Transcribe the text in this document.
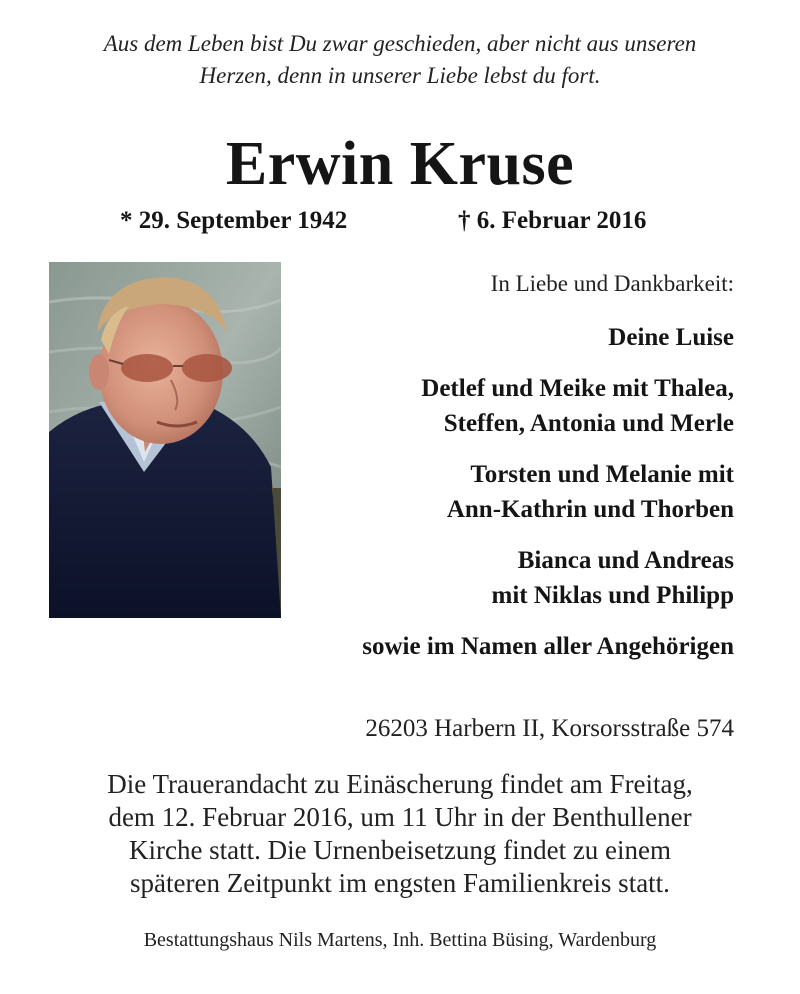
Aus dem Leben bist Du zwar geschieden, aber nicht aus unseren
Herzen, denn in unserer Liebe lebst du fort.
Erwin Kruse
* 29. September 1942	† 6. Februar 2016
In Liebe und Dankbarkeit:
Deine Luise
Detlef und Meike mit Thalea,
Steffen, Antonia und Merle
Torsten und Melanie mit
Ann-Kathrin und Thorben
Bianca und Andreas
mit Niklas und Philipp
sowie im Namen aller Angehörigen
26203 Harbern II, Korsorsstraße 574
Die Trauerandacht zu Einäscherung findet am Freitag,
dem 12. Februar 2016, um 11 Uhr in der Benthullener
Kirche statt. Die Urnenbeisetzung findet zu einem
späteren Zeitpunkt im engsten Familienkreis statt.
Bestattungshaus Nils Martens, Inh. Bettina Büsing, Wardenburg
